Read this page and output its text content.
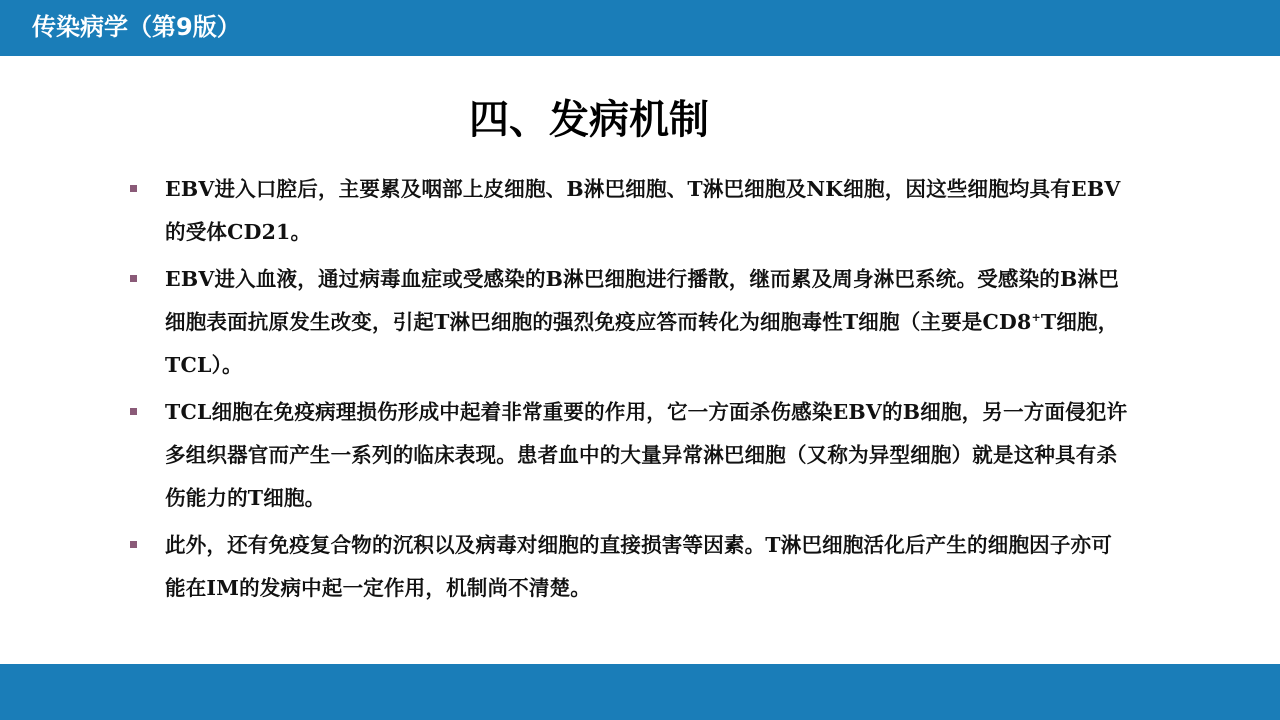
传染病学（第9版）
四、发病机制
EBV进入口腔后，主要累及咽部上皮细胞、B淋巴细胞、T淋巴细胞及NK细胞，因这些细胞均具有EBV的受体CD21。
EBV进入血液，通过病毒血症或受感染的B淋巴细胞进行播散，继而累及周身淋巴系统。受感染的B淋巴细胞表面抗原发生改变，引起T淋巴细胞的强烈免疫应答而转化为细胞毒性T细胞（主要是CD8+T细胞，TCL）。
TCL细胞在免疫病理损伤形成中起着非常重要的作用，它一方面杀伤感染EBV的B细胞，另一方面侵犯许多组织器官而产生一系列的临床表现。患者血中的大量异常淋巴细胞（又称为异型细胞）就是这种具有杀伤能力的T细胞。
此外，还有免疫复合物的沉积以及病毒对细胞的直接损害等因素。T淋巴细胞活化后产生的细胞因子亦可能在IM的发病中起一定作用，机制尚不清楚。
